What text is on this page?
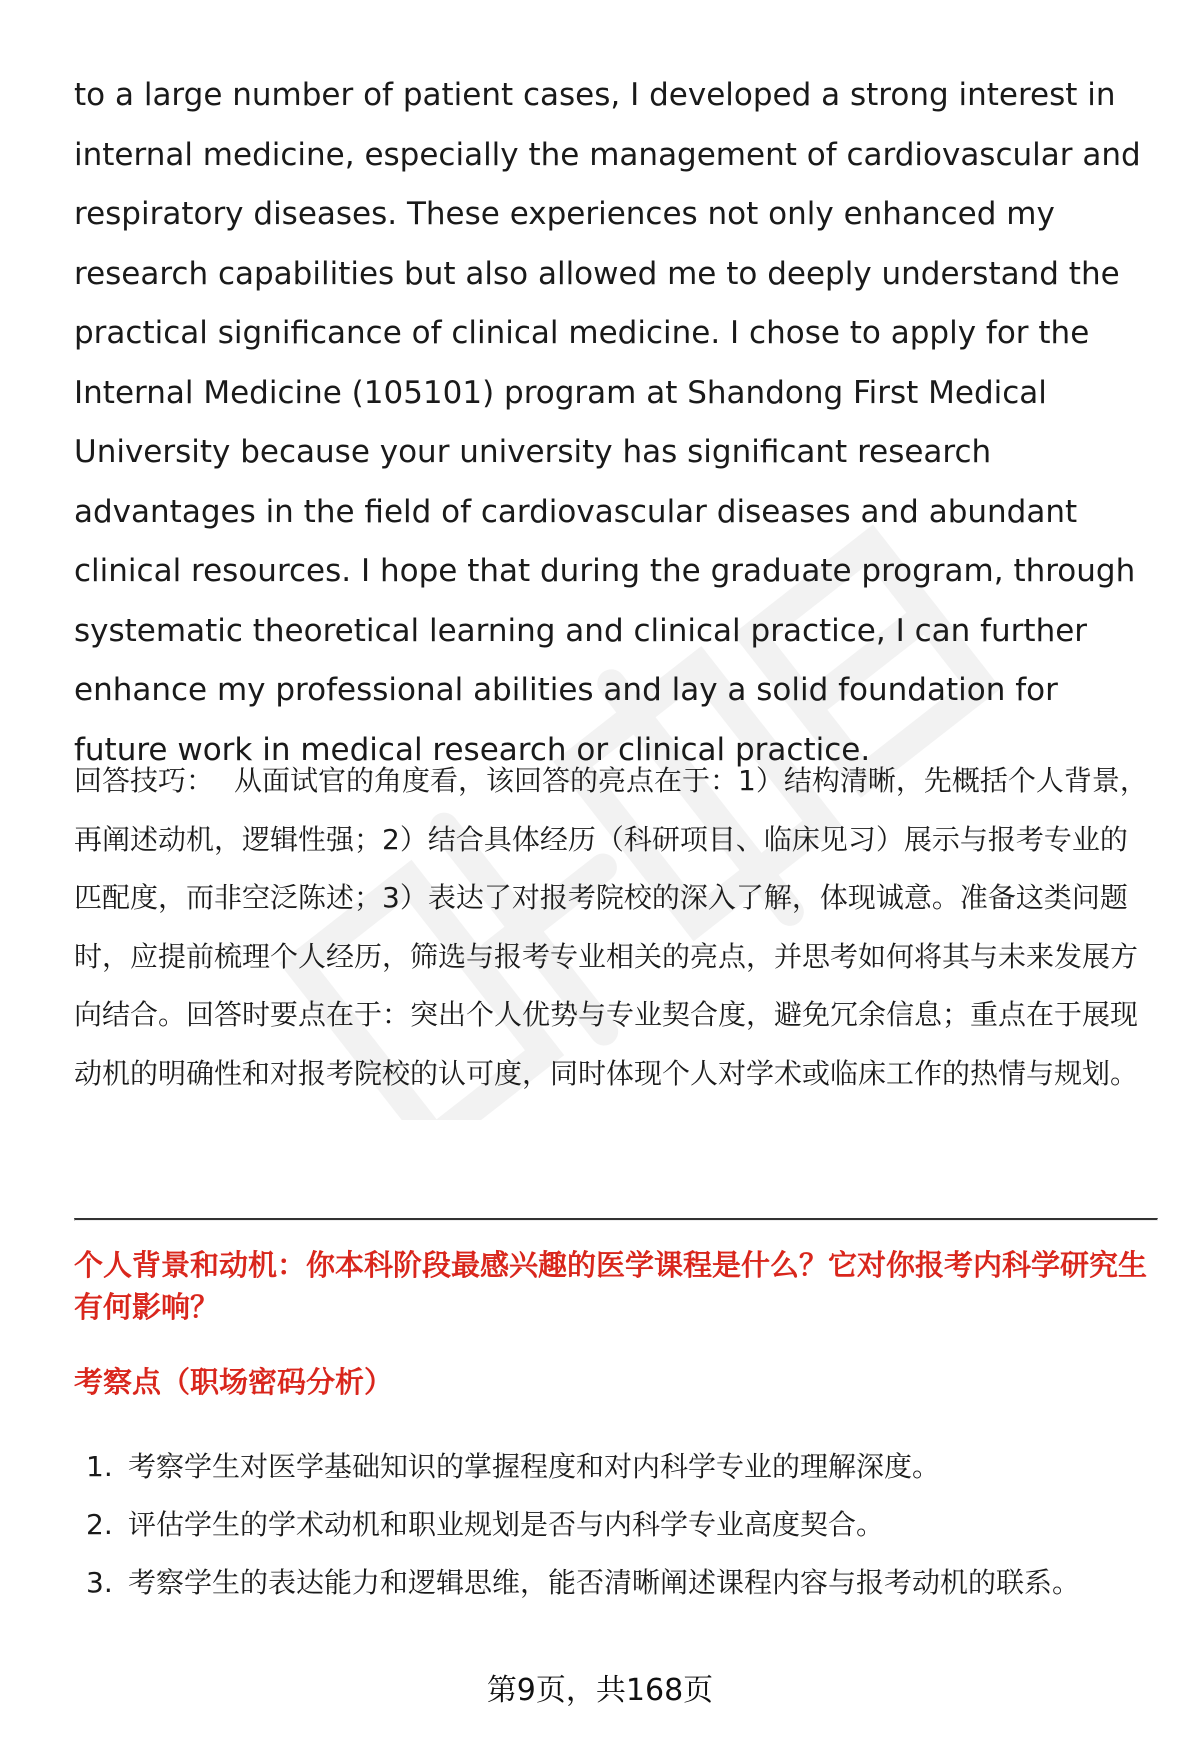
to a large number of patient cases, I developed a strong interest in internal medicine, especially the management of cardiovascular and respiratory diseases. These experiences not only enhanced my research capabilities but also allowed me to deeply understand the practical significance of clinical medicine. I chose to apply for the Internal Medicine (105101) program at Shandong First Medical University because your university has significant research advantages in the field of cardiovascular diseases and abundant clinical resources. I hope that during the graduate program, through systematic theoretical learning and clinical practice, I can further enhance my professional abilities and lay a solid foundation for future work in medical research or clinical practice.

回答技巧： 从面试官的角度看，该回答的亮点在于：1）结构清晰，先概括个人背景，再阐述动机，逻辑性强；2）结合具体经历（科研项目、临床见习）展示与报考专业的匹配度，而非空泛陈述；3）表达了对报考院校的深入了解，体现诚意。准备这类问题时，应提前梳理个人经历，筛选与报考专业相关的亮点，并思考如何将其与未来发展方向结合。回答时要点在于：突出个人优势与专业契合度，避免冗余信息；重点在于展现动机的明确性和对报考院校的认可度，同时体现个人对学术或临床工作的热情与规划。

个人背景和动机：你本科阶段最感兴趣的医学课程是什么？它对你报考内科学研究生有何影响？

考察点（职场密码分析）

1. 考察学生对医学基础知识的掌握程度和对内科学专业的理解深度。
2. 评估学生的学术动机和职业规划是否与内科学专业高度契合。
3. 考察学生的表达能力和逻辑思维，能否清晰阐述课程内容与报考动机的联系。
第9页，共168页
